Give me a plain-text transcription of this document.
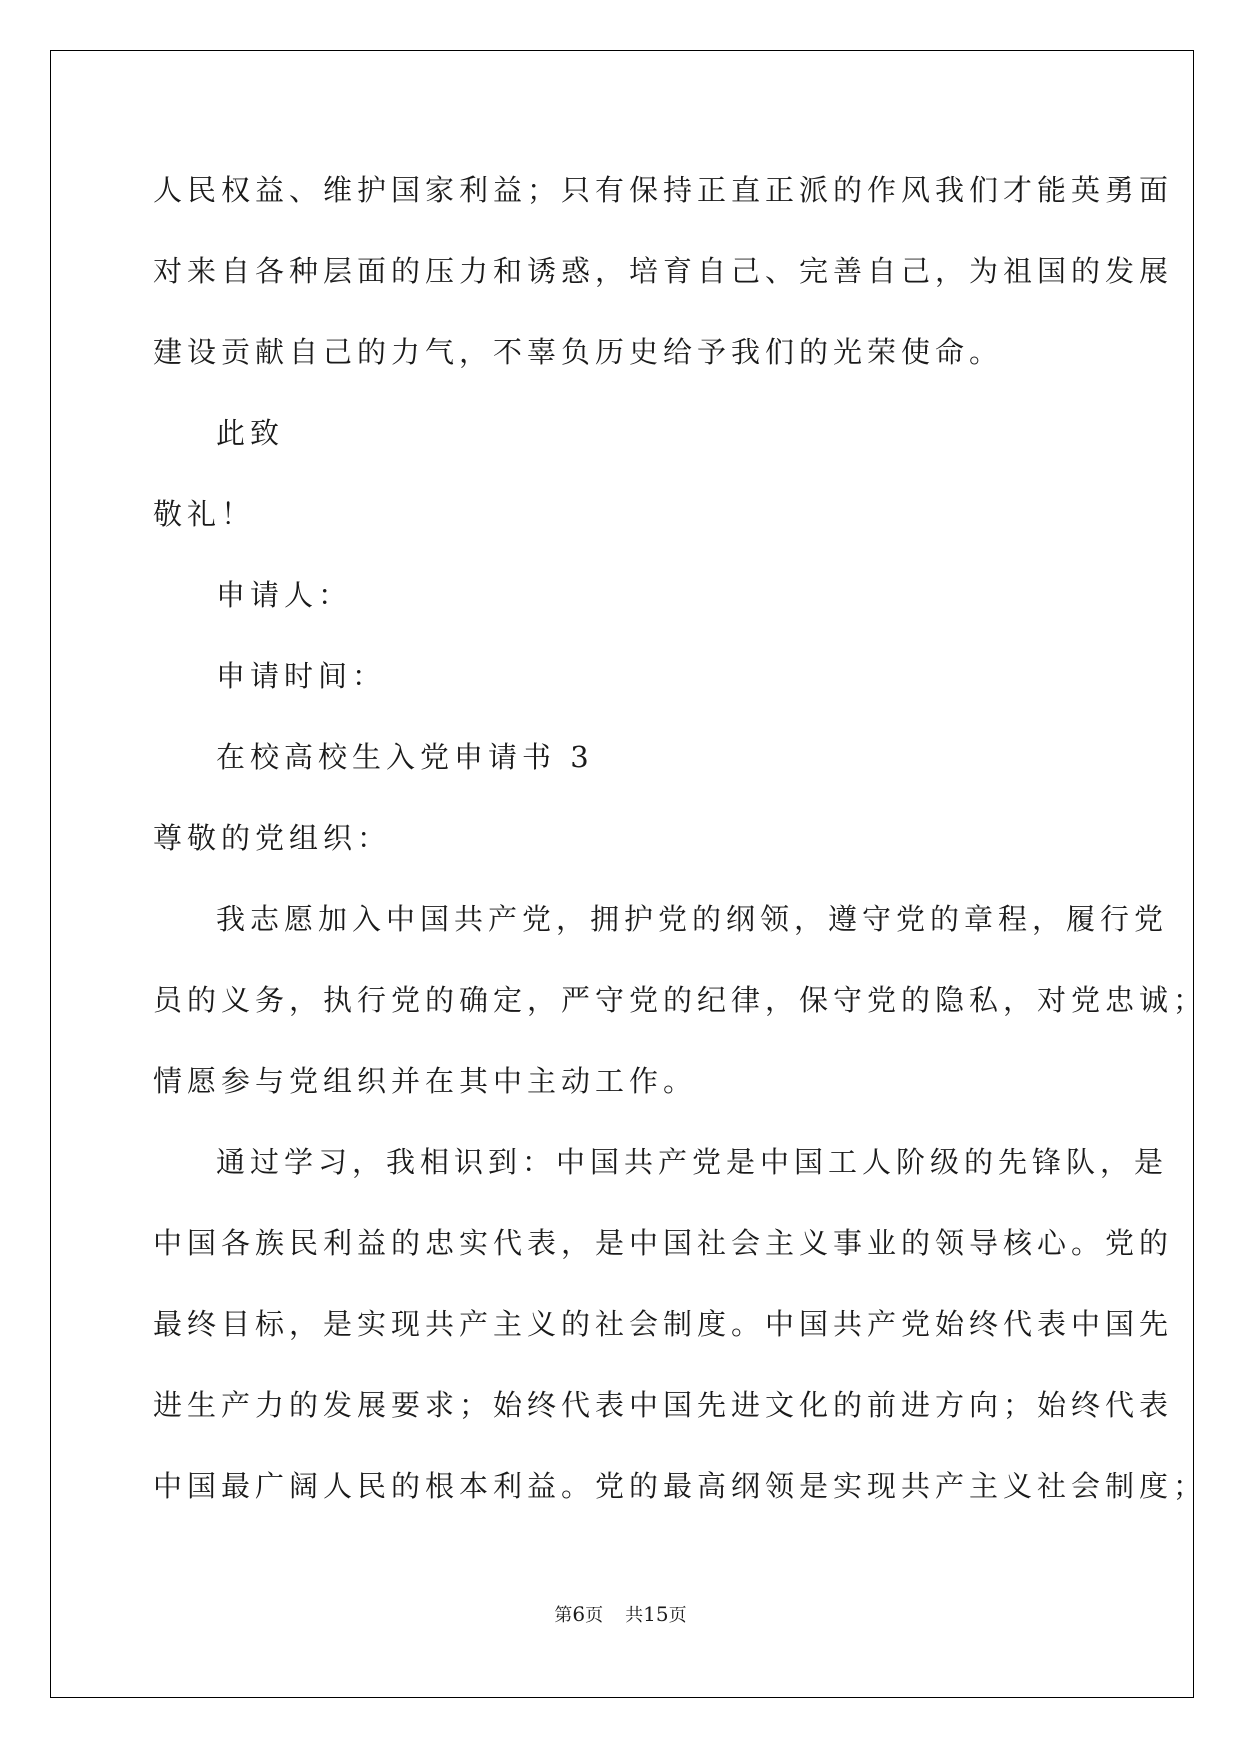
人民权益、维护国家利益；只有保持正直正派的作风我们才能英勇面
对来自各种层面的压力和诱惑，培育自己、完善自己，为祖国的发展
建设贡献自己的力气，不辜负历史给予我们的光荣使命。
此致
敬礼！
申请人：
申请时间：
在校高校生入党申请书 3
尊敬的党组织：
我志愿加入中国共产党，拥护党的纲领，遵守党的章程，履行党
员的义务，执行党的确定，严守党的纪律，保守党的隐私，对党忠诚；
情愿参与党组织并在其中主动工作。
通过学习，我相识到：中国共产党是中国工人阶级的先锋队，是
中国各族民利益的忠实代表，是中国社会主义事业的领导核心。党的
最终目标，是实现共产主义的社会制度。中国共产党始终代表中国先
进生产力的发展要求；始终代表中国先进文化的前进方向；始终代表
中国最广阔人民的根本利益。党的最高纲领是实现共产主义社会制度；
第6页 共15页
